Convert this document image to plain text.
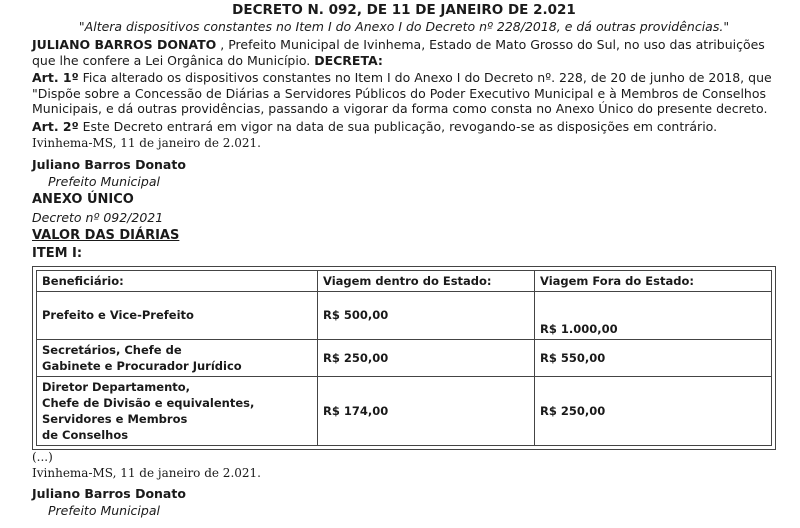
DECRETO N. 092, DE 11 DE JANEIRO DE 2.021
"Altera dispositivos constantes no Item I do Anexo I do Decreto nº 228/2018, e dá outras providências."

JULIANO BARROS DONATO , Prefeito Municipal de Ivinhema, Estado de Mato Grosso do Sul, no uso das atribuições que lhe confere a Lei Orgânica do Município. DECRETA:

Art. 1º Fica alterado os dispositivos constantes no Item I do Anexo I do Decreto nº. 228, de 20 de junho de 2018, que "Dispõe sobre a Concessão de Diárias a Servidores Públicos do Poder Executivo Municipal e à Membros de Conselhos Municipais, e dá outras providências, passando a vigorar da forma como consta no Anexo Único do presente decreto.

Art. 2º Este Decreto entrará em vigor na data de sua publicação, revogando-se as disposições em contrário.

Ivinhema-MS, 11 de janeiro de 2.021.

Juliano Barros Donato
Prefeito Municipal
ANEXO ÚNICO
Decreto nº 092/2021
VALOR DAS DIÁRIAS
ITEM I:
Beneficiário:	Viagem dentro do Estado:	Viagem Fora do Estado:
Prefeito e Vice-Prefeito	R$ 500,00	R$ 1.000,00
Secretários, Chefe de
Gabinete e Procurador Jurídico	R$ 250,00	R$ 550,00
Diretor Departamento,
Chefe de Divisão e equivalentes,
Servidores e Membros
de Conselhos	R$ 174,00	R$ 250,00
(...)

Ivinhema-MS, 11 de janeiro de 2.021.

Juliano Barros Donato
Prefeito Municipal
